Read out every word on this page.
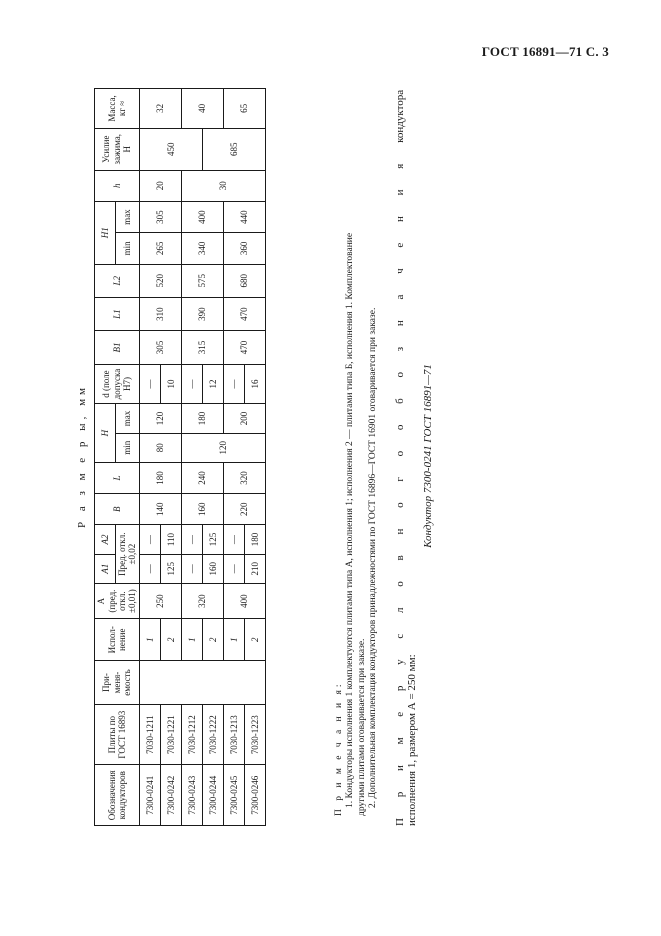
ГОСТ 16891—71 С. 3
Р а з м е р ы, мм
Обозначения кондукторов	Плиты по ГОСТ 16893	При-меня-емость	Испол-нение	A (пред. откл. ±0,01)	A1	A2	B	L	H		d (поле допуска H7)	B1	L1	L2	H1		h	Усилие зажима, Н	Масса, кг ≈
					Пред. откл. ±0,02				min	max					min	max			
7300-0241	7030-1211		1	250	—	—	140	180	80	120	—	305	310	520	265	305	20	450	32
7300-0242	7030-1221		2		125	110					10								
7300-0243	7030-1212		1	320	—	—	160	240	120	180	—	315	390	575	340	400	30		40
7300-0244	7030-1222		2		160	125					12							685	
7300-0245	7030-1213		1	400	—	—	220	320		200	—	470	470	680	360	440			65
7300-0246	7030-1223		2		210	180					16								

П р и м е ч а н и я: 1. Кондукторы исполнения 1 комплектуются плитами типа А, исполнения 1; исполнения 2 — плитами типа Б, исполнения 1. Комплектование другими плитами оговаривается при заказе. 2. Дополнительная комплектация кондукторов принадлежностями по ГОСТ 16896—ГОСТ 16901 оговаривается при заказе. П р и м е р у с л о в н о г о о б о з н а ч е н и я кондуктора исполнения 1, размером А = 250 мм:
Кондуктор 7300-0241 ГОСТ 16891—71
